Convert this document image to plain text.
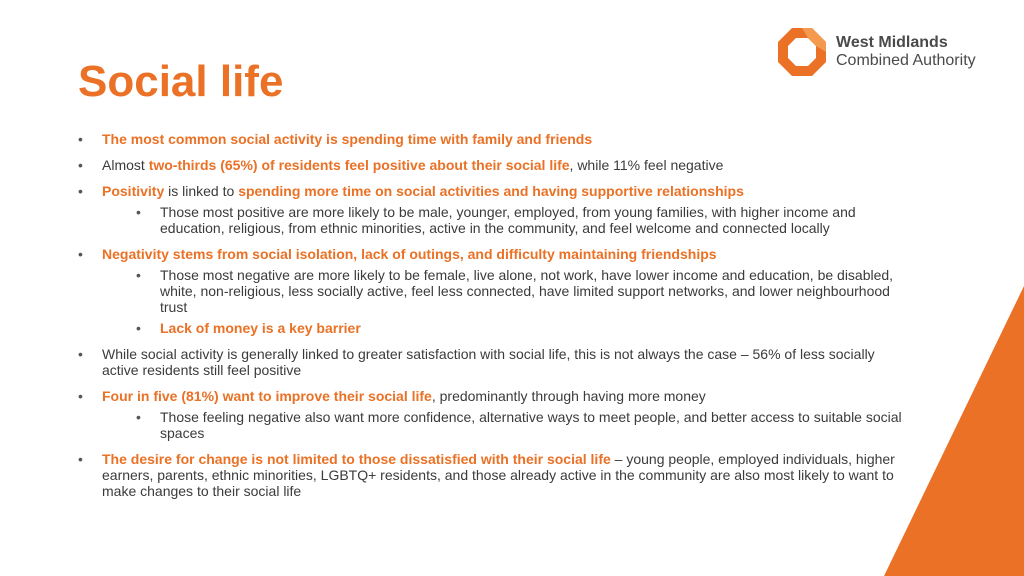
Social life
West Midlands
Combined Authority
• The most common social activity is spending time with family and friends
• Almost two-thirds (65%) of residents feel positive about their social life, while 11% feel negative
• Positivity is linked to spending more time on social activities and having supportive relationships
• Those most positive are more likely to be male, younger, employed, from young families, with higher income and education, religious, from ethnic minorities, active in the community, and feel welcome and connected locally
• Negativity stems from social isolation, lack of outings, and difficulty maintaining friendships
• Those most negative are more likely to be female, live alone, not work, have lower income and education, be disabled, white, non-religious, less socially active, feel less connected, have limited support networks, and lower neighbourhood trust
• Lack of money is a key barrier
• While social activity is generally linked to greater satisfaction with social life, this is not always the case – 56% of less socially active residents still feel positive
• Four in five (81%) want to improve their social life, predominantly through having more money
• Those feeling negative also want more confidence, alternative ways to meet people, and better access to suitable social spaces
• The desire for change is not limited to those dissatisfied with their social life – young people, employed individuals, higher earners, parents, ethnic minorities, LGBTQ+ residents, and those already active in the community are also most likely to want to make changes to their social life
